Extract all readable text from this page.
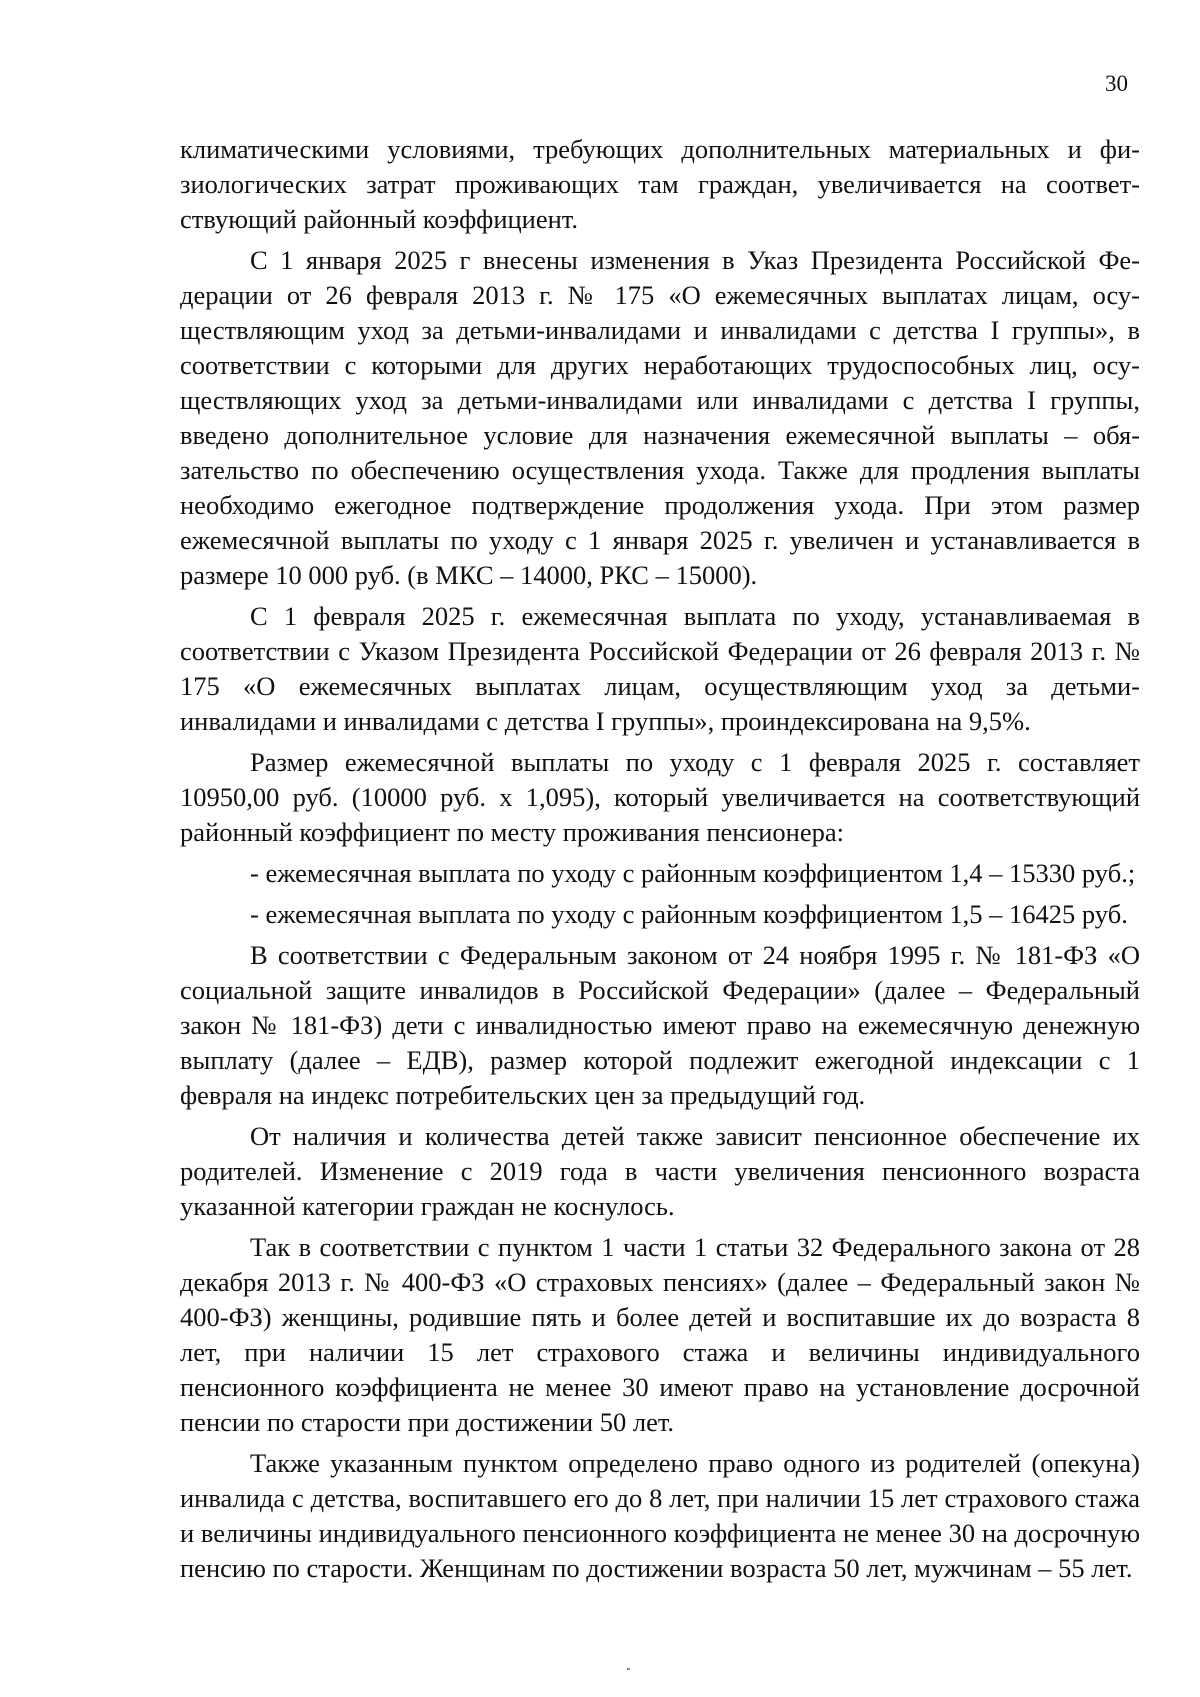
30

климатическими условиями, требующих дополнительных материальных и физиологических затрат проживающих там граждан, увеличивается на соответствующий районный коэффициент.

С 1 января 2025 г внесены изменения в Указ Президента Российской Федерации от 26 февраля 2013 г. № 175 «О ежемесячных выплатах лицам, осуществляющим уход за детьми-инвалидами и инвалидами с детства I группы», в соответствии с которыми для других неработающих трудоспособных лиц, осуществляющих уход за детьми-инвалидами или инвалидами с детства I группы, введено дополнительное условие для назначения ежемесячной выплаты – обязательство по обеспечению осуществления ухода. Также для продления выплаты необходимо ежегодное подтверждение продолжения ухода. При этом размер ежемесячной выплаты по уходу с 1 января 2025 г. увеличен и устанавливается в размере 10 000 руб. (в МКС – 14000, РКС – 15000).

С 1 февраля 2025 г. ежемесячная выплата по уходу, устанавливаемая в соответствии с Указом Президента Российской Федерации от 26 февраля 2013 г. № 175 «О ежемесячных выплатах лицам, осуществляющим уход за детьми-инвалидами и инвалидами с детства I группы», проиндексирована на 9,5%.

Размер ежемесячной выплаты по уходу с 1 февраля 2025 г. составляет 10950,00 руб. (10000 руб. х 1,095), который увеличивается на соответствующий районный коэффициент по месту проживания пенсионера:

- ежемесячная выплата по уходу с районным коэффициентом 1,4 – 15330 руб.;

- ежемесячная выплата по уходу с районным коэффициентом 1,5 – 16425 руб.

В соответствии с Федеральным законом от 24 ноября 1995 г. № 181-ФЗ «О социальной защите инвалидов в Российской Федерации» (далее – Федеральный закон № 181-ФЗ) дети с инвалидностью имеют право на ежемесячную денежную выплату (далее – ЕДВ), размер которой подлежит ежегодной индексации с 1 февраля на индекс потребительских цен за предыдущий год.

От наличия и количества детей также зависит пенсионное обеспечение их родителей. Изменение с 2019 года в части увеличения пенсионного возраста указанной категории граждан не коснулось.

Так в соответствии с пунктом 1 части 1 статьи 32 Федерального закона от 28 декабря 2013 г. № 400-ФЗ «О страховых пенсиях» (далее – Федеральный закон № 400-ФЗ) женщины, родившие пять и более детей и воспитавшие их до возраста 8 лет, при наличии 15 лет страхового стажа и величины индивидуального пенсионного коэффициента не менее 30 имеют право на установление досрочной пенсии по старости при достижении 50 лет.

Также указанным пунктом определено право одного из родителей (опекуна) инвалида с детства, воспитавшего его до 8 лет, при наличии 15 лет страхового стажа и величины индивидуального пенсионного коэффициента не менее 30 на досрочную пенсию по старости. Женщинам по достижении возраста 50 лет, мужчинам – 55 лет.
